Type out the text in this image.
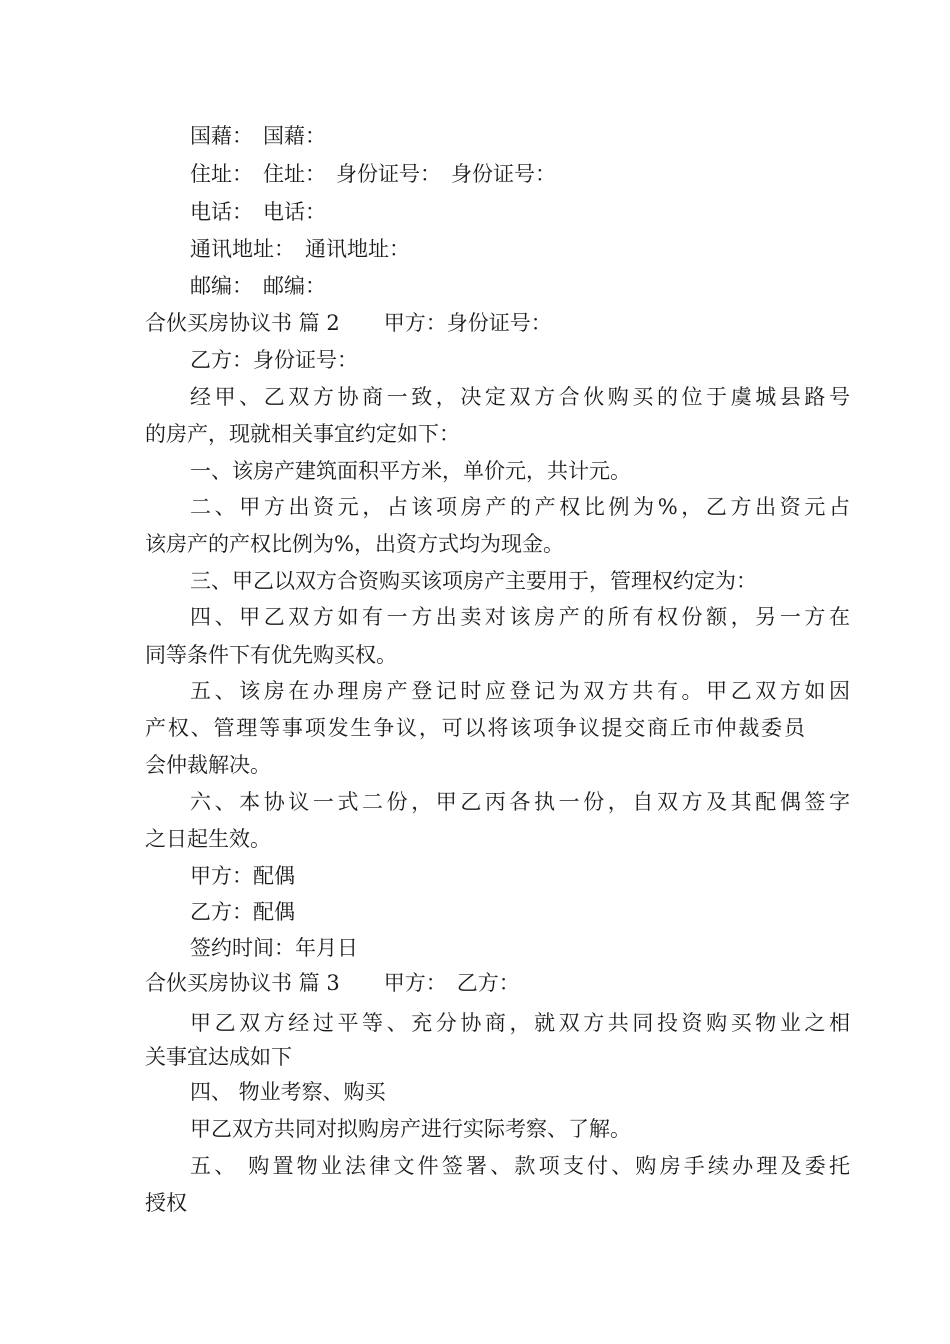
国藉： 国藉：
住址： 住址： 身份证号： 身份证号：
电话： 电话：
通讯地址： 通讯地址：
邮编： 邮编：
合伙买房协议书 篇 2 甲方：身份证号：
乙方：身份证号：
经甲、乙双方协商一致，决定双方合伙购买的位于虞城县路号
的房产，现就相关事宜约定如下：
一、该房产建筑面积平方米，单价元，共计元。
二、甲方出资元，占该项房产的产权比例为%，乙方出资元占
该房产的产权比例为%，出资方式均为现金。
三、甲乙以双方合资购买该项房产主要用于，管理权约定为：
四、甲乙双方如有一方出卖对该房产的所有权份额，另一方在
同等条件下有优先购买权。
五、该房在办理房产登记时应登记为双方共有。甲乙双方如因
产权、管理等事项发生争议，可以将该项争议提交商丘市仲裁委员
会仲裁解决。
六、本协议一式二份，甲乙丙各执一份，自双方及其配偶签字
之日起生效。
甲方：配偶
乙方：配偶
签约时间：年月日
合伙买房协议书 篇 3 甲方： 乙方：
甲乙双方经过平等、充分协商，就双方共同投资购买物业之相
关事宜达成如下
四、 物业考察、购买
甲乙双方共同对拟购房产进行实际考察、了解。
五、 购置物业法律文件签署、款项支付、购房手续办理及委托
授权
